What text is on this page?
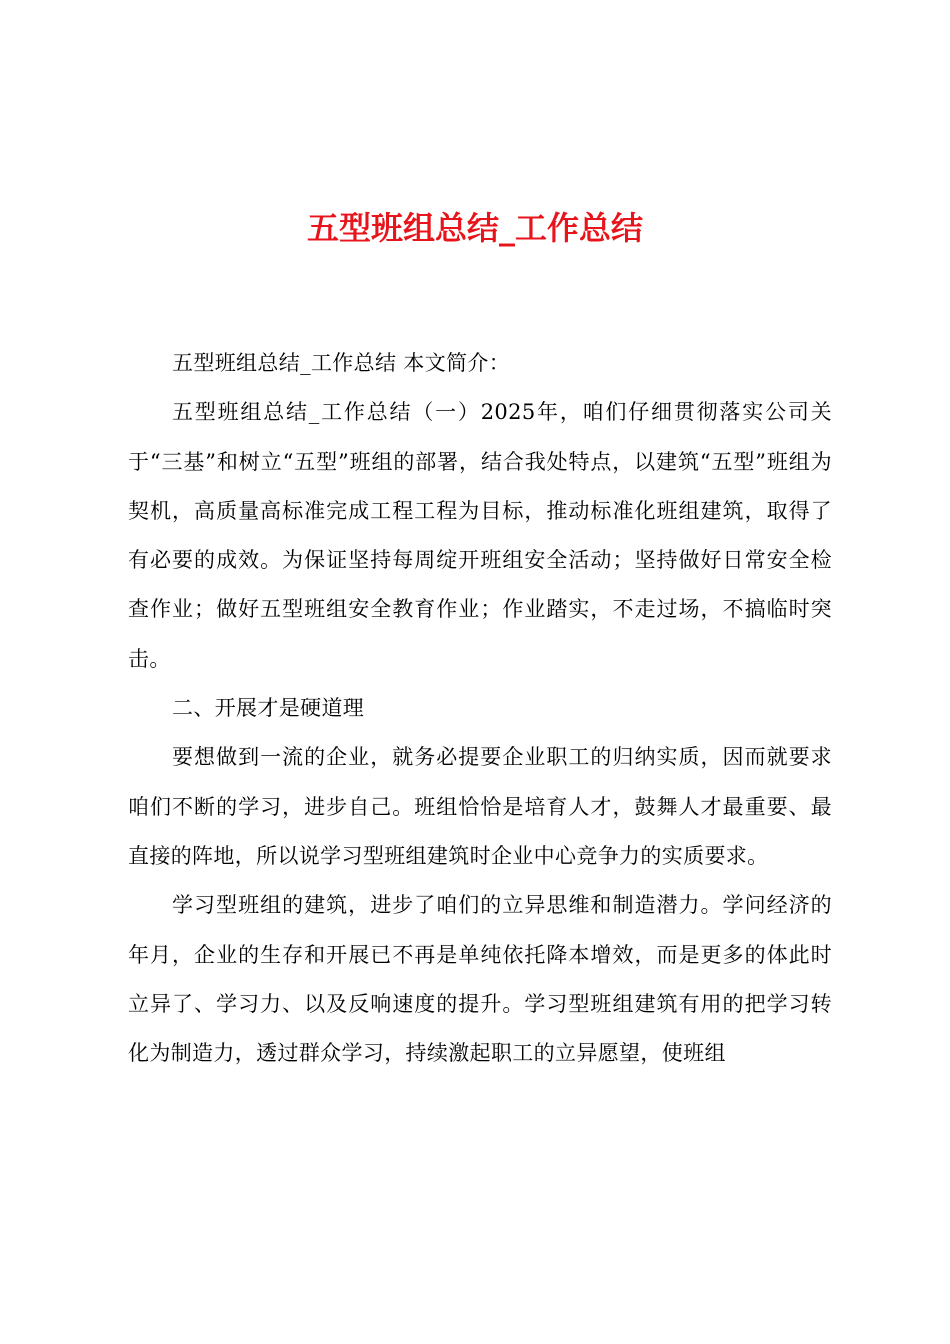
五型班组总结_工作总结

五型班组总结_工作总结 本文简介：

五型班组总结_工作总结（一）2025年，咱们仔细贯彻落实公司关于“三基”和树立“五型”班组的部署，结合我处特点，以建筑“五型”班组为契机，高质量高标准完成工程工程为目标，推动标准化班组建筑，取得了有必要的成效。为保证坚持每周绽开班组安全活动；坚持做好日常安全检查作业；做好五型班组安全教育作业；作业踏实，不走过场，不搞临时突击。

二、开展才是硬道理

要想做到一流的企业，就务必提要企业职工的归纳实质，因而就要求咱们不断的学习，进步自己。班组恰恰是培育人才，鼓舞人才最重要、最直接的阵地，所以说学习型班组建筑时企业中心竞争力的实质要求。

学习型班组的建筑，进步了咱们的立异思维和制造潜力。学问经济的年月，企业的生存和开展已不再是单纯依托降本增效，而是更多的体此时立异了、学习力、以及反响速度的提升。学习型班组建筑有用的把学习转化为制造力，透过群众学习，持续激起职工的立异愿望，使班组
